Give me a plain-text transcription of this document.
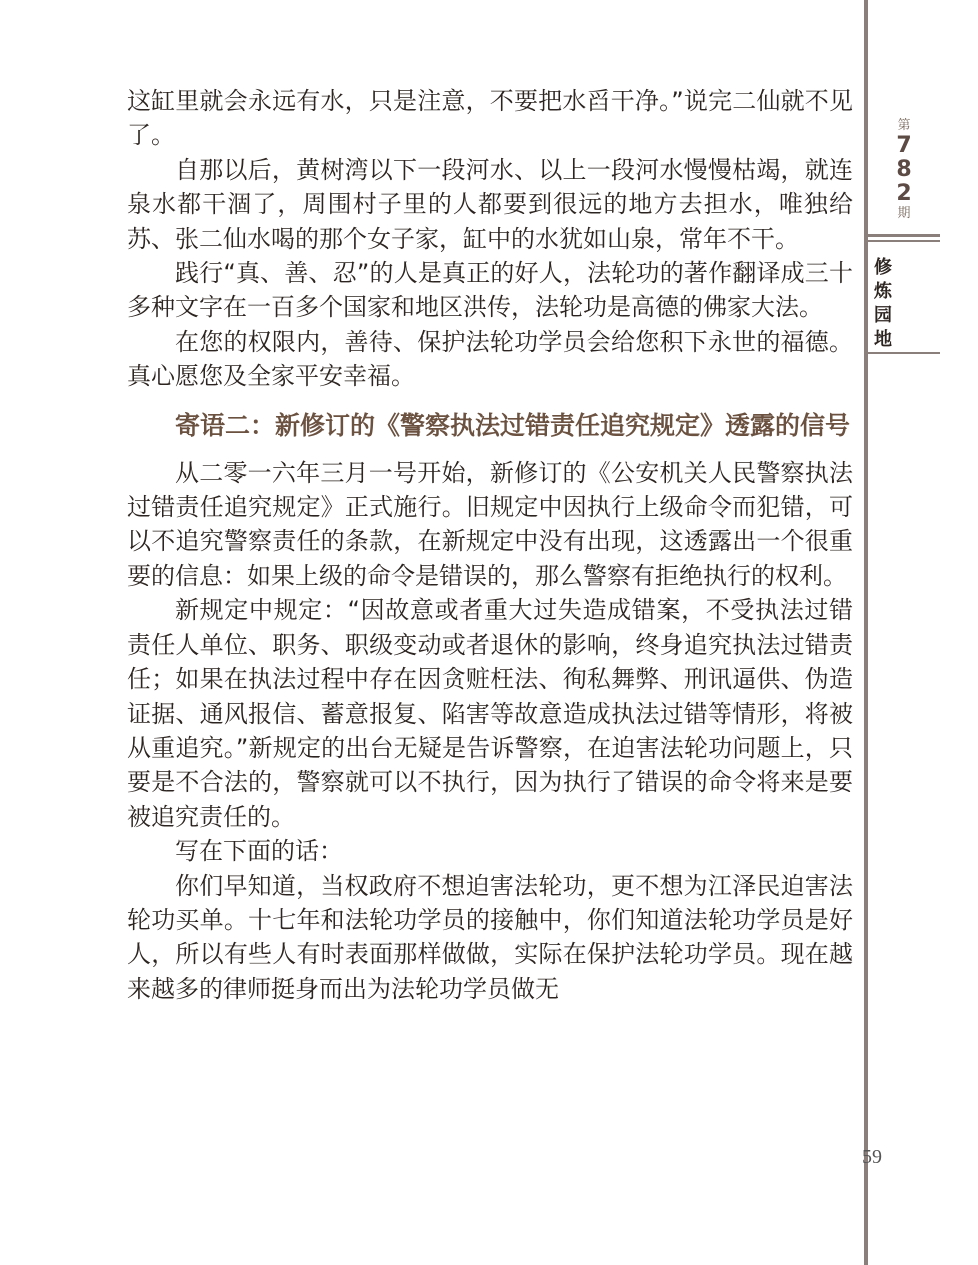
第
7
8
2
期
修
炼
园
地

这缸里就会永远有水，只是注意，不要把水舀干净。”说完二仙就不见了。

自那以后，黄树湾以下一段河水、以上一段河水慢慢枯竭，就连泉水都干涸了，周围村子里的人都要到很远的地方去担水，唯独给苏、张二仙水喝的那个女子家，缸中的水犹如山泉，常年不干。

践行“真、善、忍”的人是真正的好人，法轮功的著作翻译成三十多种文字在一百多个国家和地区洪传，法轮功是高德的佛家大法。

在您的权限内，善待、保护法轮功学员会给您积下永世的福德。真心愿您及全家平安幸福。

寄语二：新修订的《警察执法过错责任追究规定》透露的信号

从二零一六年三月一号开始，新修订的《公安机关人民警察执法过错责任追究规定》正式施行。旧规定中因执行上级命令而犯错，可以不追究警察责任的条款，在新规定中没有出现，这透露出一个很重要的信息：如果上级的命令是错误的，那么警察有拒绝执行的权利。

新规定中规定：“因故意或者重大过失造成错案，不受执法过错责任人单位、职务、职级变动或者退休的影响，终身追究执法过错责任；如果在执法过程中存在因贪赃枉法、徇私舞弊、刑讯逼供、伪造证据、通风报信、蓄意报复、陷害等故意造成执法过错等情形，将被从重追究。”新规定的出台无疑是告诉警察，在迫害法轮功问题上，只要是不合法的，警察就可以不执行，因为执行了错误的命令将来是要被追究责任的。

写在下面的话：

你们早知道，当权政府不想迫害法轮功，更不想为江泽民迫害法轮功买单。十七年和法轮功学员的接触中，你们知道法轮功学员是好人，所以有些人有时表面那样做做，实际在保护法轮功学员。现在越来越多的律师挺身而出为法轮功学员做无

59
